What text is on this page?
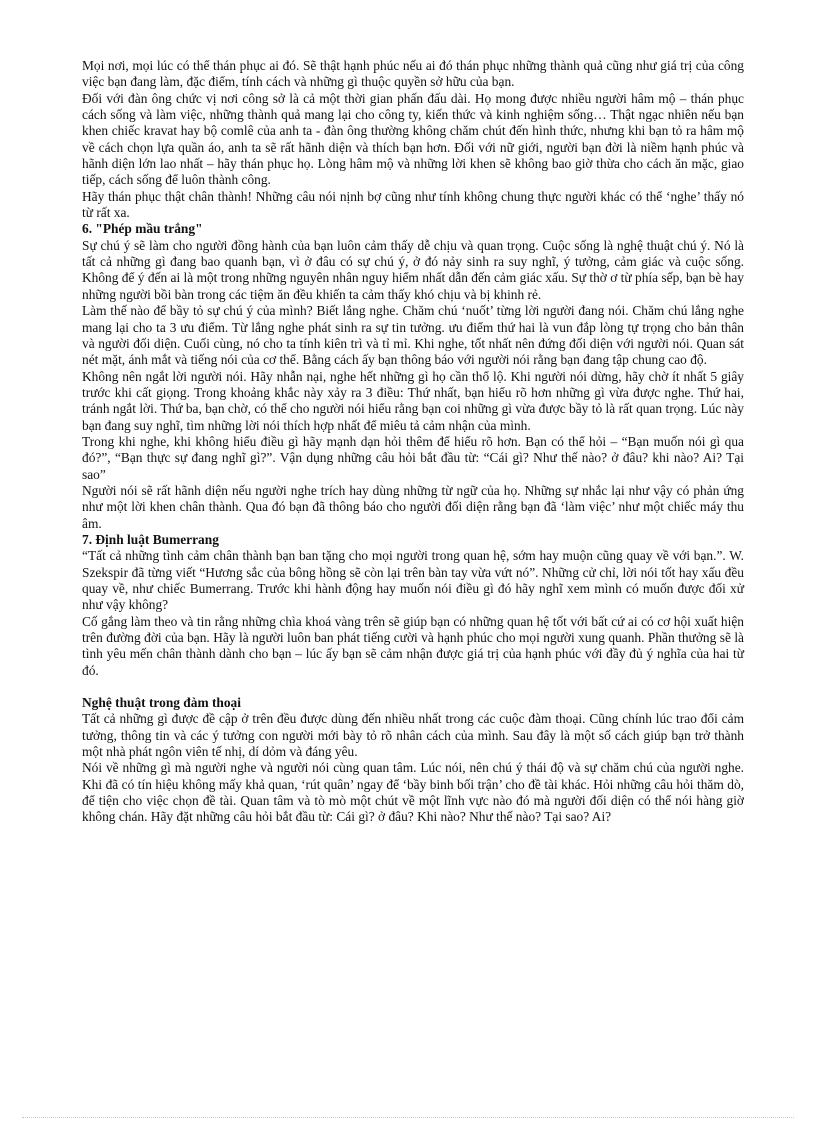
Mọi nơi, mọi lúc có thể thán phục ai đó. Sẽ thật hạnh phúc nếu ai đó thán phục những thành quả cũng như giá trị của công việc bạn đang làm, đặc điểm, tính cách và những gì thuộc quyền sở hữu của bạn.

Đối với đàn ông chức vị nơi công sở là cả một thời gian phấn đấu dài. Họ mong được nhiều người hâm mộ – thán phục cách sống và làm việc, những thành quả mang lại cho công ty, kiến thức và kinh nghiệm sống… Thật ngạc nhiên nếu bạn khen chiếc kravat hay bộ comlê của anh ta - đàn ông thường không chăm chút đến hình thức, nhưng khi bạn tỏ ra hâm mộ về cách chọn lựa quần áo, anh ta sẽ rất hãnh diện và thích bạn hơn. Đối với nữ giới, người bạn đời là niềm hạnh phúc và hãnh diện lớn lao nhất – hãy thán phục họ. Lòng hâm mộ và những lời khen sẽ không bao giờ thừa cho cách ăn mặc, giao tiếp, cách sống để luôn thành công.

Hãy thán phục thật chân thành! Những câu nói nịnh bợ cũng như tính không chung thực người khác có thể ‘nghe’ thấy nó từ rất xa.

6. "Phép mầu trắng"

Sự chú ý sẽ làm cho người đồng hành của bạn luôn cảm thấy dễ chịu và quan trọng. Cuộc sống là nghệ thuật chú ý. Nó là tất cả những gì đang bao quanh bạn, vì ở đâu có sự chú ý, ở đó nảy sinh ra suy nghĩ, ý tưởng, cảm giác và cuộc sống. Không để ý đến ai là một trong những nguyên nhân nguy hiểm nhất dẫn đến cảm giác xấu. Sự thờ ơ từ phía sếp, bạn bè hay những người bồi bàn trong các tiệm ăn đều khiến ta cảm thấy khó chịu và bị khinh rẻ.

Làm thế nào để bầy tỏ sự chú ý của mình? Biết lắng nghe. Chăm chú ‘nuốt’ từng lời người đang nói. Chăm chú lắng nghe mang lại cho ta 3 ưu điểm. Từ lắng nghe phát sinh ra sự tin tưởng. ưu điểm thứ hai là vun đắp lòng tự trọng cho bản thân và người đối diện. Cuối cùng, nó cho ta tính kiên trì và tỉ mỉ. Khi nghe, tốt nhất nên đứng đối diện với người nói. Quan sát nét mặt, ánh mắt và tiếng nói của cơ thể. Bằng cách ấy bạn thông báo với người nói rằng bạn đang tập chung cao độ.

Không nên ngắt lời người nói. Hãy nhẫn nại, nghe hết những gì họ cần thổ lộ. Khi người nói dừng, hãy chờ ít nhất 5 giây trước khi cất giọng. Trong khoảng khắc này xảy ra 3 điều: Thứ nhất, bạn hiểu rõ hơn những gì vừa được nghe. Thứ hai, tránh ngắt lời. Thứ ba, bạn chờ, có thể cho người nói hiểu rằng bạn coi những gì vừa được bầy tỏ là rất quan trọng. Lúc này bạn đang suy nghĩ, tìm những lời nói thích hợp nhất để miêu tả cảm nhận của mình.

Trong khi nghe, khi không hiểu điều gì hãy mạnh dạn hỏi thêm để hiểu rõ hơn. Bạn có thể hỏi – “Bạn muốn nói gì qua đó?”, “Bạn thực sự đang nghĩ gì?”. Vận dụng những câu hỏi bắt đầu từ: “Cái gì? Như thế nào? ở đâu? khi nào? Ai? Tại sao”

Người nói sẽ rất hãnh diện nếu người nghe trích hay dùng những từ ngữ của họ. Những sự nhắc lại như vậy có phản ứng như một lời khen chân thành. Qua đó bạn đã thông báo cho người đối diện rằng bạn đã ‘làm việc’ như một chiếc máy thu âm.

7. Định luật Bumerrang

“Tất cả những tình cảm chân thành bạn ban tặng cho mọi người trong quan hệ, sớm hay muộn cũng quay về với bạn.”. W. Szekspir đã từng viết “Hương sắc của bông hồng sẽ còn lại trên bàn tay vừa vứt nó”. Những cử chỉ, lời nói tốt hay xấu đều quay về, như chiếc Bumerrang. Trước khi hành động hay muốn nói điều gì đó hãy nghĩ xem mình có muốn được đối xử như vậy không?

Cố gắng làm theo và tin rằng những chìa khoá vàng trên sẽ giúp bạn có những quan hệ tốt với bất cứ ai có cơ hội xuất hiện trên đường đời của bạn. Hãy là người luôn ban phát tiếng cười và hạnh phúc cho mọi người xung quanh. Phần thưởng sẽ là tình yêu mến chân thành dành cho bạn – lúc ấy bạn sẽ cảm nhận được giá trị của hạnh phúc với đầy đủ ý nghĩa của hai từ đó.

Nghệ thuật trong đàm thoại

Tất cả những gì được đề cập ở trên đều được dùng đến nhiều nhất trong các cuộc đàm thoại. Cũng chính lúc trao đổi cảm tưởng, thông tin và các ý tưởng con người mới bày tỏ rõ nhân cách của mình. Sau đây là một số cách giúp bạn trở thành một nhà phát ngôn viên tế nhị, dí dỏm và đáng yêu.

Nói về những gì mà người nghe và người nói cùng quan tâm. Lúc nói, nên chú ý thái độ và sự chăm chú của người nghe. Khi đã có tín hiệu không mấy khả quan, ‘rút quân’ ngay để ‘bầy binh bối trận’ cho đề tài khác. Hỏi những câu hỏi thăm dò, để tiện cho việc chọn đề tài. Quan tâm và tò mò một chút về một lĩnh vực nào đó mà người đối diện có thể nói hàng giờ không chán. Hãy đặt những câu hỏi bắt đầu từ: Cái gì? ở đâu? Khi nào? Như thế nào? Tại sao? Ai?
